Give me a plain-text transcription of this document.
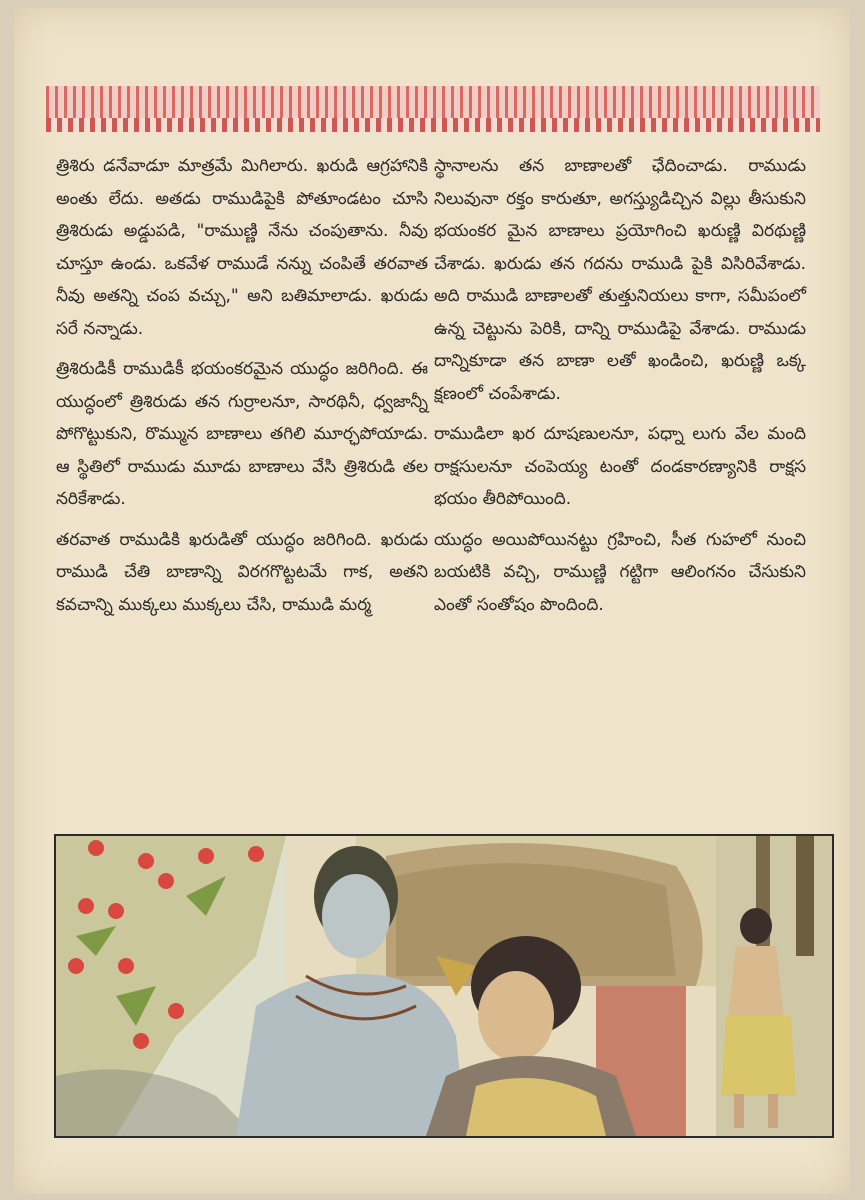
త్రిశిరు డనేవాడూ మాత్రమే మిగిలారు. ఖరుడి ఆగ్రహానికి అంతు లేదు. అతడు రాముడిపైకి పోతూండటం చూసి త్రిశిరుడు అడ్డుపడి, "రాముణ్ణి నేను చంపుతాను. నీవు చూస్తూ ఉండు. ఒకవేళ రాముడే నన్ను చంపితే తరవాత నీవు అతన్ని చంప వచ్చు," అని బతిమాలాడు. ఖరుడు సరే నన్నాడు.

త్రిశిరుడికీ రాముడికీ భయంకరమైన యుద్ధం జరిగింది. ఈ యుద్ధంలో త్రిశిరుడు తన గుర్రాలనూ, సారథినీ, ధ్వజాన్నీ పోగొట్టుకుని, రొమ్మున బాణాలు తగిలి మూర్ఛపోయాడు. ఆ స్థితిలో రాముడు మూడు బాణాలు వేసి త్రిశిరుడి తల నరికేశాడు.

తరవాత రాముడికి ఖరుడితో యుద్ధం జరిగింది. ఖరుడు రాముడి చేతి బాణాన్ని విరగగొట్టటమే గాక, అతని కవచాన్ని ముక్కలు ముక్కలు చేసి, రాముడి మర్మ

స్థానాలను తన బాణాలతో ఛేదించాడు. రాముడు నిలువునా రక్తం కారుతూ, అగస్త్యుడిచ్చిన విల్లు తీసుకుని భయంకర మైన బాణాలు ప్రయోగించి ఖరుణ్ణి విరథుణ్ణి చేశాడు. ఖరుడు తన గదను రాముడి పైకి విసిరివేశాడు. అది రాముడి బాణాలతో తుత్తునియలు కాగా, సమీపంలో ఉన్న చెట్టును పెరికి, దాన్ని రాముడిపై వేశాడు. రాముడు దాన్నికూడా తన బాణా లతో ఖండించి, ఖరుణ్ణి ఒక్క క్షణంలో చంపేశాడు.

రాముడిలా ఖర దూషణులనూ, పధ్నా లుగు వేల మంది రాక్షసులనూ చంపెయ్య టంతో దండకారణ్యానికి రాక్షస భయం తీరిపోయింది.

యుద్ధం అయిపోయినట్టు గ్రహించి, సీత గుహలో నుంచి బయటికి వచ్చి, రాముణ్ణి గట్టిగా ఆలింగనం చేసుకుని ఎంతో సంతోషం పొందింది.
